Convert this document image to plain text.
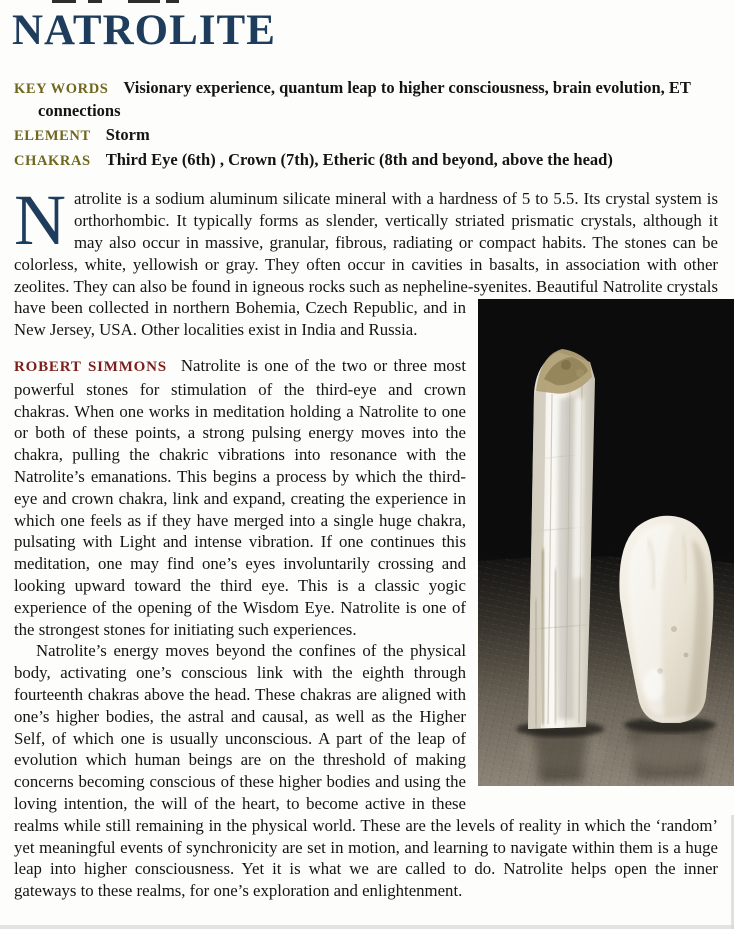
NATROLITE

KEY WORDS Visionary experience, quantum leap to higher consciousness, brain evolution, ET connections

ELEMENT Storm

CHAKRAS Third Eye (6th) , Crown (7th), Etheric (8th and beyond, above the head)

Natrolite is a sodium aluminum silicate mineral with a hardness of 5 to 5.5. Its crystal system is orthorhombic. It typically forms as slender, vertically striated prismatic crystals, although it may also occur in massive, granular, fibrous, radiating or compact habits. The stones can be colorless, white, yellowish or gray. They often occur in cavities in basalts, in association with other zeolites. They can also be found in igneous rocks such as nepheline-syenites. Beautiful Natrolite crystals have been collected in northern Bohemia,
Czech Republic, and in New Jersey, USA. Other localities exist in India and Russia.

ROBERT SIMMONS Natrolite is one of the two or three most powerful stones for stimulation of the third-eye and crown chakras. When one works in meditation holding a Natrolite to one or both of these points, a strong pulsing energy moves into the chakra, pulling the chakric vibrations into resonance with the Natrolite’s emanations. This begins a process by which the third-eye and crown chakra, link and expand, creating the experience in which one feels as if they have merged into a single huge chakra, pulsating with Light and intense vibration. If one continues this meditation, one may find one’s eyes involuntarily crossing and looking upward toward the third eye. This is a classic yogic experience of the opening of the Wisdom Eye. Natrolite is one of the strongest stones for initiating such experiences.

Natrolite’s energy moves beyond the confines of the physical body, activating one’s conscious link with the eighth through fourteenth chakras above the head. These chakras are aligned with one’s higher bodies, the astral and causal, as well as the Higher Self, of which one is usually unconscious. A part of the leap of evolution which human beings are on the threshold of making concerns becoming conscious of these higher bodies and using the loving intention, the will of the heart, to become active in these realms while still remaining in the physical world. These are the levels of reality in which the ‘random’ yet meaningful events of synchronicity are set in motion, and learning to navigate within them is a huge leap into higher consciousness. Yet it is what we are called to do. Natrolite helps open the inner gateways to these realms, for one’s exploration and enlightenment.
